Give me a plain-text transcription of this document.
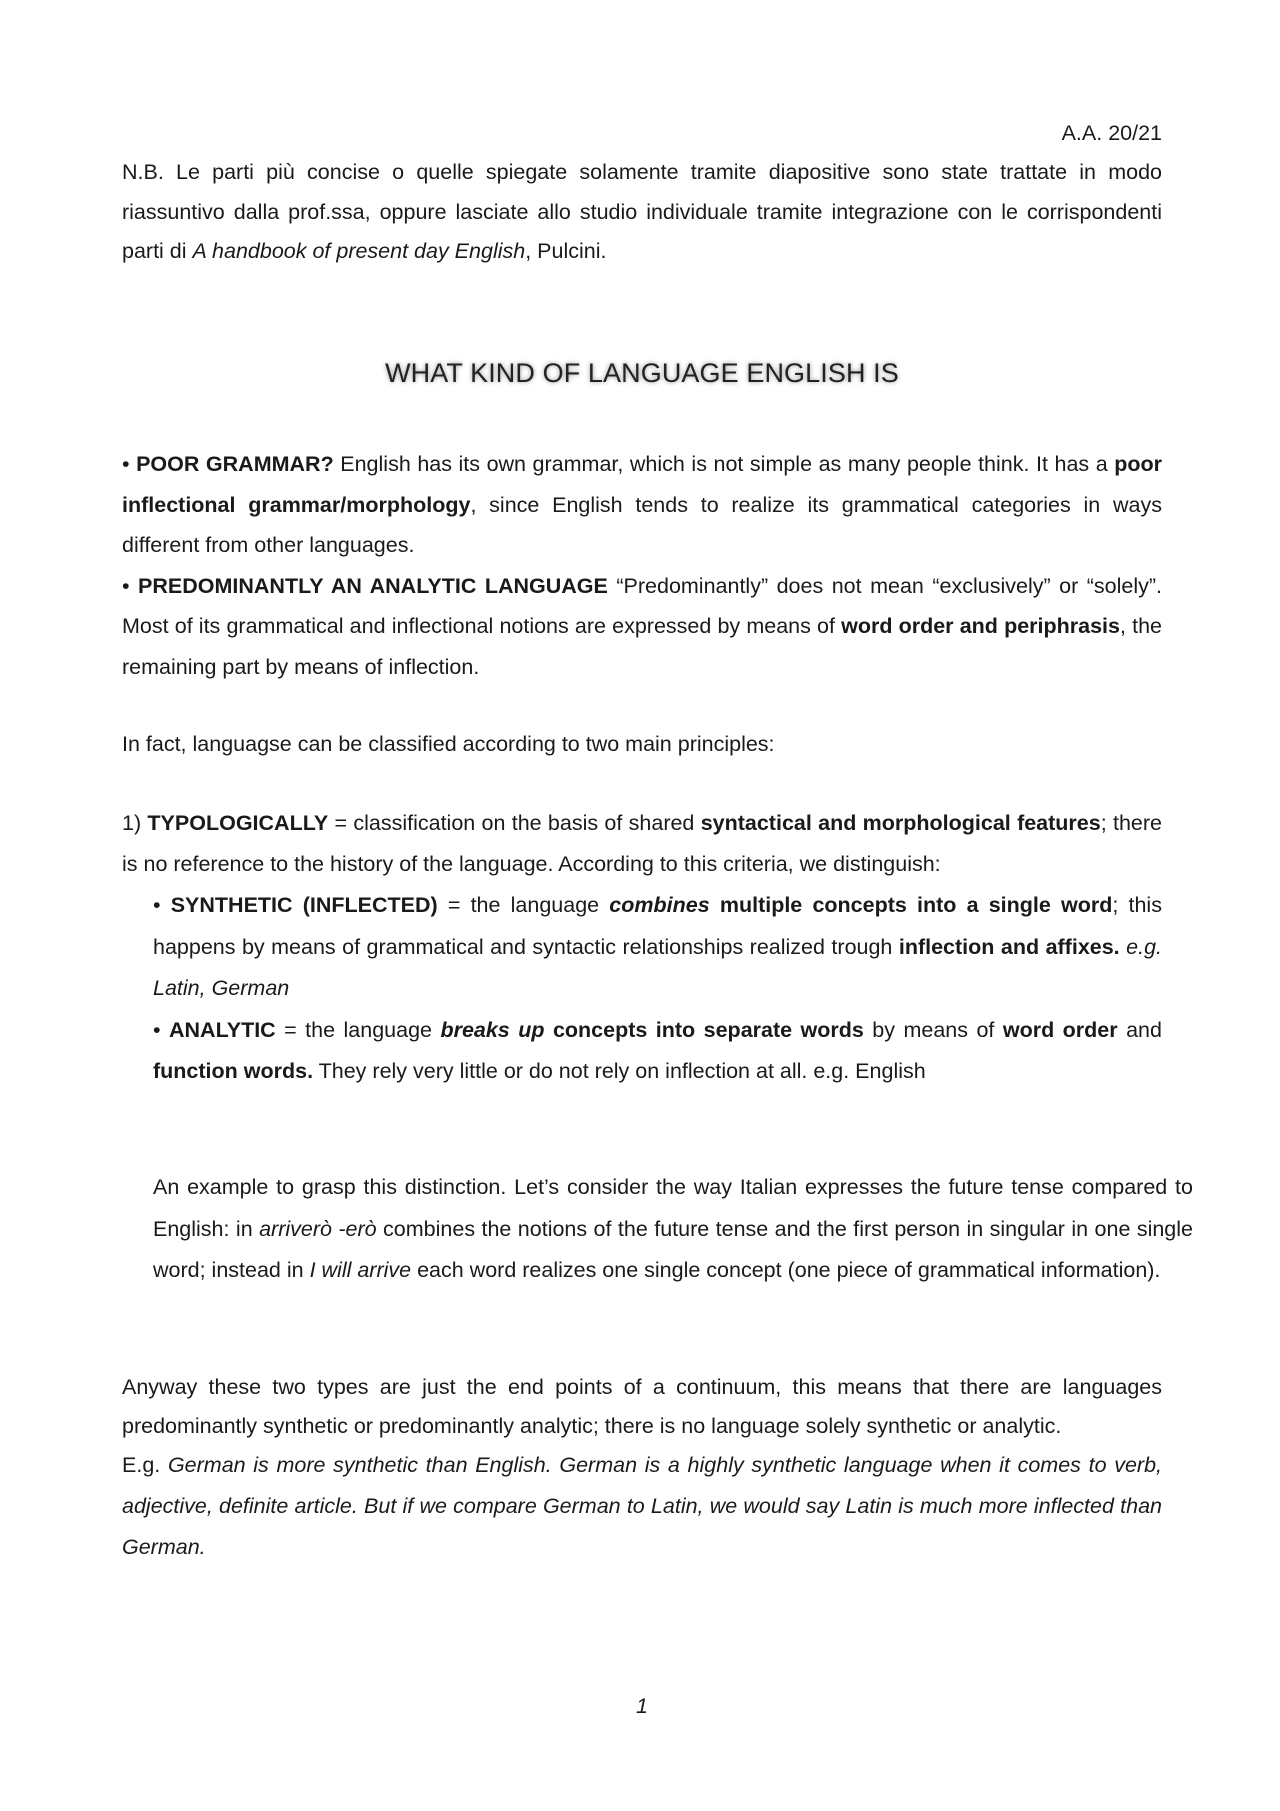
A.A. 20/21

N.B. Le parti più concise o quelle spiegate solamente tramite diapositive sono state trattate in modo riassuntivo dalla prof.ssa, oppure lasciate allo studio individuale tramite integrazione con le corrispondenti parti di A handbook of present day English, Pulcini.

WHAT KIND OF LANGUAGE ENGLISH IS

• POOR GRAMMAR? English has its own grammar, which is not simple as many people think. It has a poor inflectional grammar/morphology, since English tends to realize its grammatical categories in ways different from other languages.

• PREDOMINANTLY AN ANALYTIC LANGUAGE “Predominantly” does not mean “exclusively” or “solely”. Most of its grammatical and inflectional notions are expressed by means of word order and periphrasis, the remaining part by means of inflection.

In fact, languagse can be classified according to two main principles:

1) TYPOLOGICALLY = classification on the basis of shared syntactical and morphological features; there is no reference to the history of the language. According to this criteria, we distinguish:

• SYNTHETIC (INFLECTED) = the language combines multiple concepts into a single word; this happens by means of grammatical and syntactic relationships realized trough inflection and affixes. e.g. Latin, German

• ANALYTIC = the language breaks up concepts into separate words by means of word order and function words. They rely very little or do not rely on inflection at all. e.g. English

An example to grasp this distinction. Let’s consider the way Italian expresses the future tense compared to English: in arriverò -erò combines the notions of the future tense and the first person in singular in one single word; instead in I will arrive each word realizes one single concept (one piece of grammatical information).

Anyway these two types are just the end points of a continuum, this means that there are languages predominantly synthetic or predominantly analytic; there is no language solely synthetic or analytic.

E.g. German is more synthetic than English. German is a highly synthetic language when it comes to verb, adjective, definite article. But if we compare German to Latin, we would say Latin is much more inflected than German.

1
